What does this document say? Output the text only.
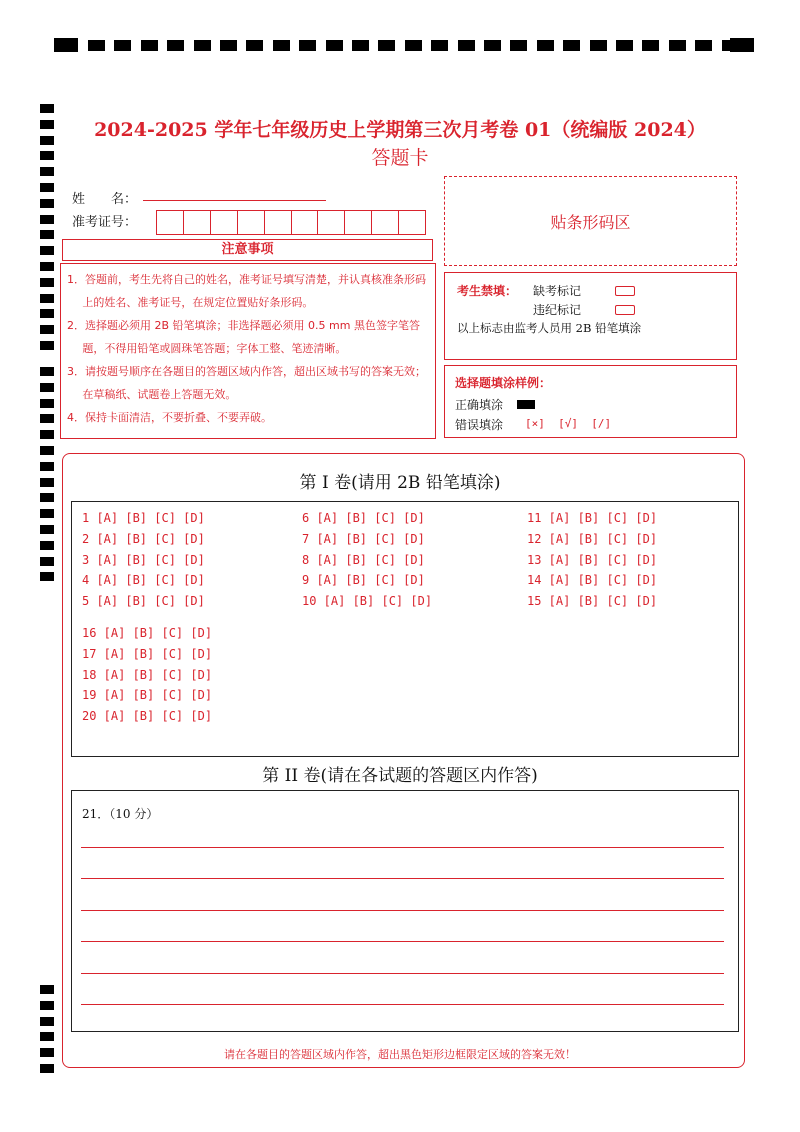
2024-2025 学年七年级历史上学期第三次月考卷 01（统编版 2024）
答题卡
姓　　名：
准考证号：	贴条形码区
注意事项
1．答题前，考生先将自己的姓名，准考证号填写清楚，并认真核准条形码上的姓名、准考证号，在规定位置贴好条形码。
2．选择题必须用 2B 铅笔填涂；非选择题必须用 0.5 mm 黑色签字笔答题，不得用铅笔或圆珠笔答题；字体工整、笔迹清晰。
3．请按题号顺序在各题目的答题区域内作答，超出区域书写的答案无效；在草稿纸、试题卷上答题无效。
4．保持卡面清洁，不要折叠、不要弄破。
考生禁填： 缺考标记
违纪标记
以上标志由监考人员用 2B 铅笔填涂
选择题填涂样例：
正确填涂
错误填涂 [×]  [√]  [/]
第 I 卷(请用 2B 铅笔填涂)
1 [A] [B] [C] [D]
2 [A] [B] [C] [D]
3 [A] [B] [C] [D]
4 [A] [B] [C] [D]
5 [A] [B] [C] [D]
6 [A] [B] [C] [D]
7 [A] [B] [C] [D]
8 [A] [B] [C] [D]
9 [A] [B] [C] [D]
10 [A] [B] [C] [D]
11 [A] [B] [C] [D]
12 [A] [B] [C] [D]
13 [A] [B] [C] [D]
14 [A] [B] [C] [D]
15 [A] [B] [C] [D]
16 [A] [B] [C] [D]
17 [A] [B] [C] [D]
18 [A] [B] [C] [D]
19 [A] [B] [C] [D]
20 [A] [B] [C] [D]
第 II 卷(请在各试题的答题区内作答)
21．（10 分）
请在各题目的答题区域内作答，超出黑色矩形边框限定区域的答案无效！
